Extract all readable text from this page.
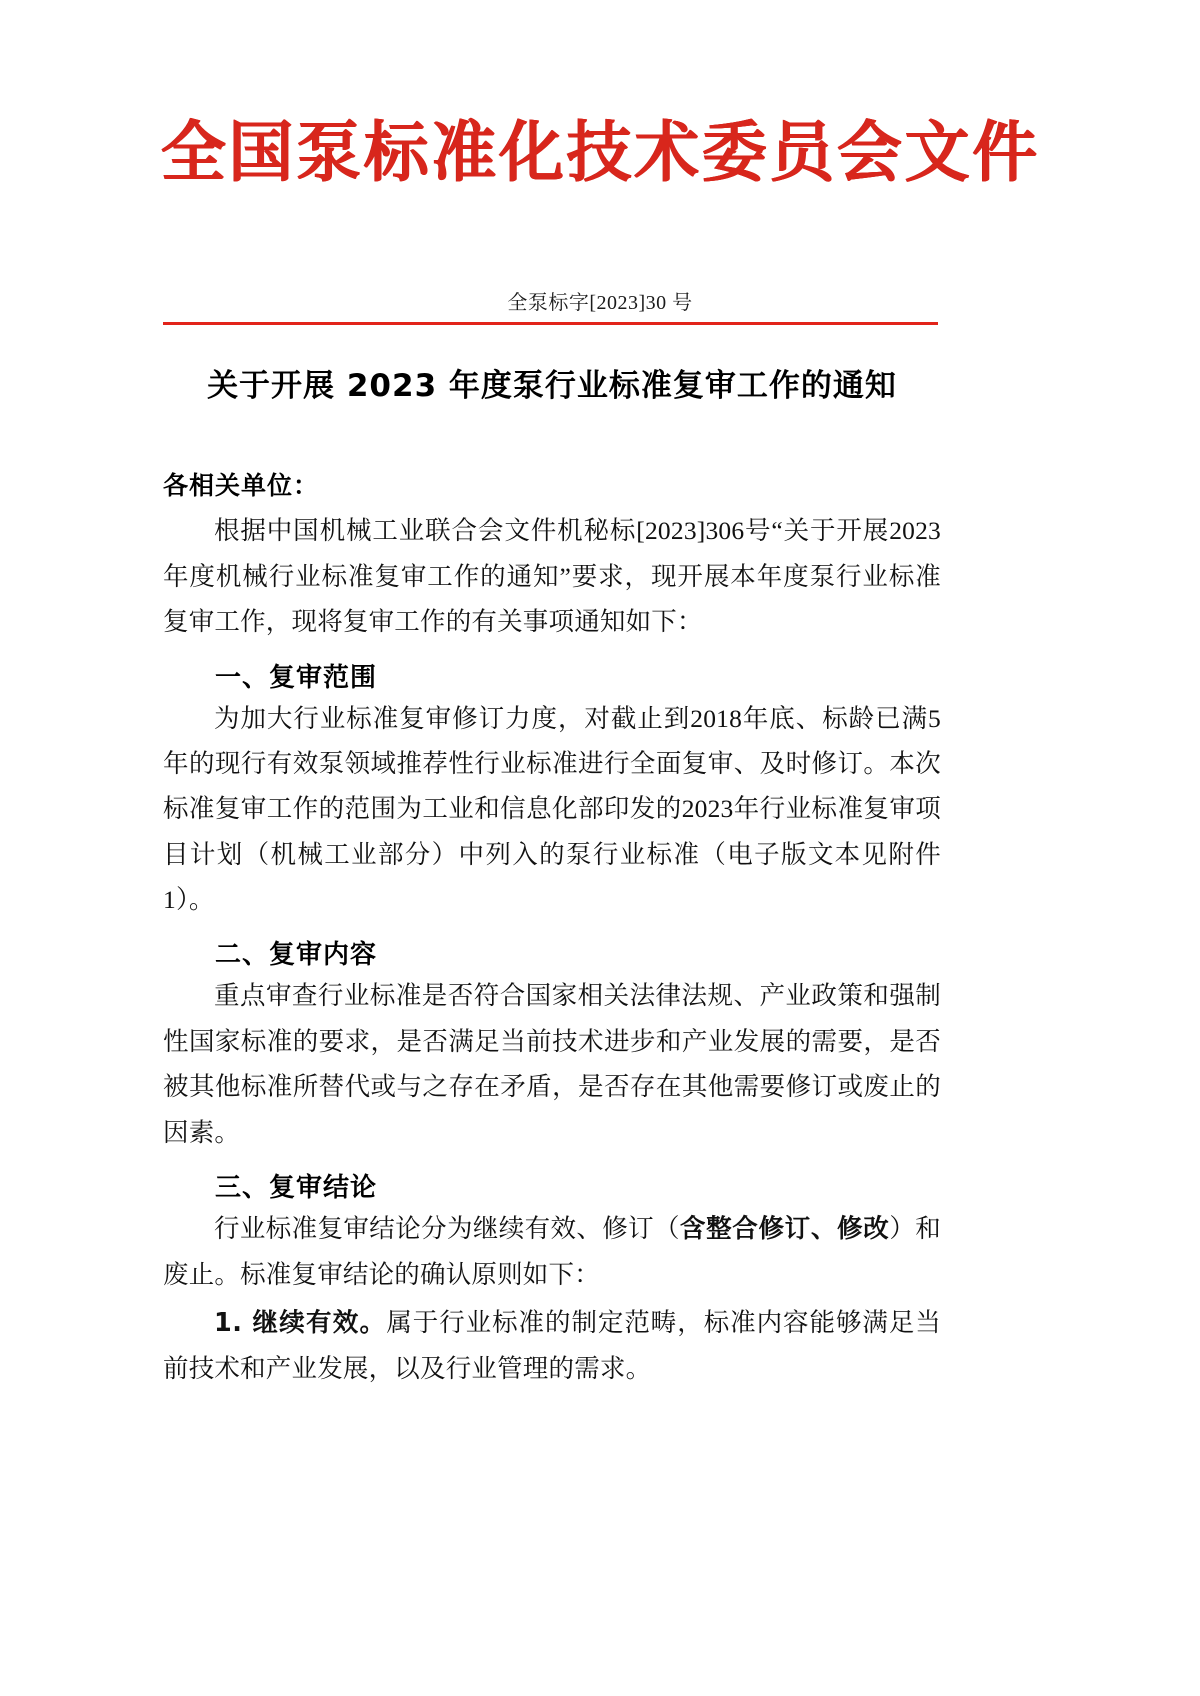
全国泵标准化技术委员会文件
全泵标字[2023]30 号
关于开展 2023 年度泵行业标准复审工作的通知
各相关单位：

根据中国机械工业联合会文件机秘标[2023]306号“关于开展2023年度机械行业标准复审工作的通知”要求，现开展本年度泵行业标准复审工作，现将复审工作的有关事项通知如下：

一、复审范围

为加大行业标准复审修订力度，对截止到2018年底、标龄已满5年的现行有效泵领域推荐性行业标准进行全面复审、及时修订。本次标准复审工作的范围为工业和信息化部印发的2023年行业标准复审项目计划（机械工业部分）中列入的泵行业标准（电子版文本见附件1）。

二、复审内容

重点审查行业标准是否符合国家相关法律法规、产业政策和强制性国家标准的要求，是否满足当前技术进步和产业发展的需要，是否被其他标准所替代或与之存在矛盾，是否存在其他需要修订或废止的因素。

三、复审结论

行业标准复审结论分为继续有效、修订（含整合修订、修改）和废止。标准复审结论的确认原则如下：

1. 继续有效。属于行业标准的制定范畴，标准内容能够满足当前技术和产业发展，以及行业管理的需求。
